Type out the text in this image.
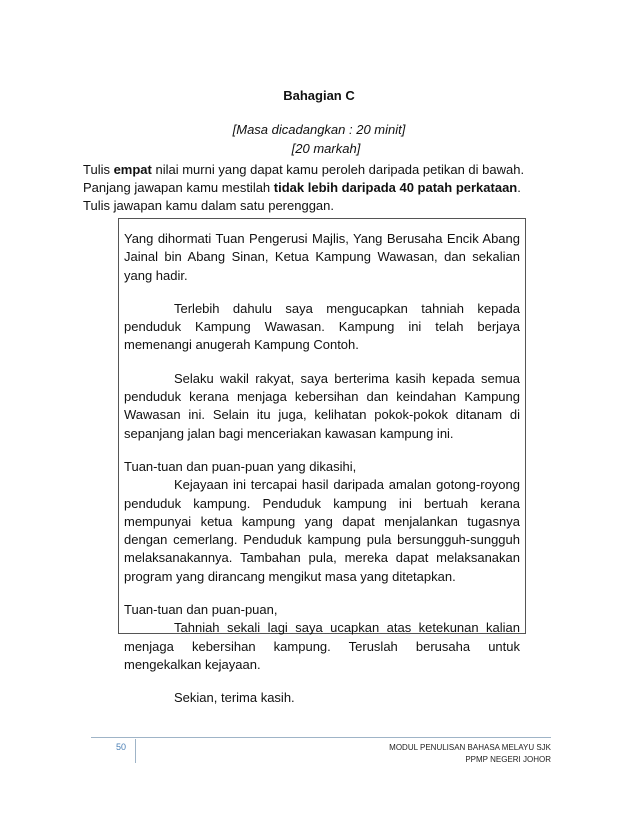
Bahagian C
[Masa dicadangkan : 20 minit]
[20 markah]

Tulis empat nilai murni yang dapat kamu peroleh daripada petikan di bawah.

Panjang jawapan kamu mestilah tidak lebih daripada 40 patah perkataan.

Tulis jawapan kamu dalam satu perenggan.

Yang dihormati Tuan Pengerusi Majlis, Yang Berusaha Encik Abang Jainal bin Abang Sinan, Ketua Kampung Wawasan, dan sekalian yang hadir.

Terlebih dahulu saya mengucapkan tahniah kepada penduduk Kampung Wawasan. Kampung ini telah berjaya memenangi anugerah Kampung Contoh.

Selaku wakil rakyat, saya berterima kasih kepada semua penduduk kerana menjaga kebersihan dan keindahan Kampung Wawasan ini. Selain itu juga, kelihatan pokok-pokok ditanam di sepanjang jalan bagi menceriakan kawasan kampung ini.

Tuan-tuan dan puan-puan yang dikasihi,
Kejayaan ini tercapai hasil daripada amalan gotong-royong penduduk kampung. Penduduk kampung ini bertuah kerana mempunyai ketua kampung yang dapat menjalankan tugasnya dengan cemerlang. Penduduk kampung pula bersungguh-sungguh melaksanakannya. Tambahan pula, mereka dapat melaksanakan program yang dirancang mengikut masa yang ditetapkan.

Tuan-tuan dan puan-puan,
Tahniah sekali lagi saya ucapkan atas ketekunan kalian menjaga kebersihan kampung. Teruslah berusaha untuk mengekalkan kejayaan.

Sekian, terima kasih.

50	MODUL PENULISAN BAHASA MELAYU SJK
PPMP NEGERI JOHOR
